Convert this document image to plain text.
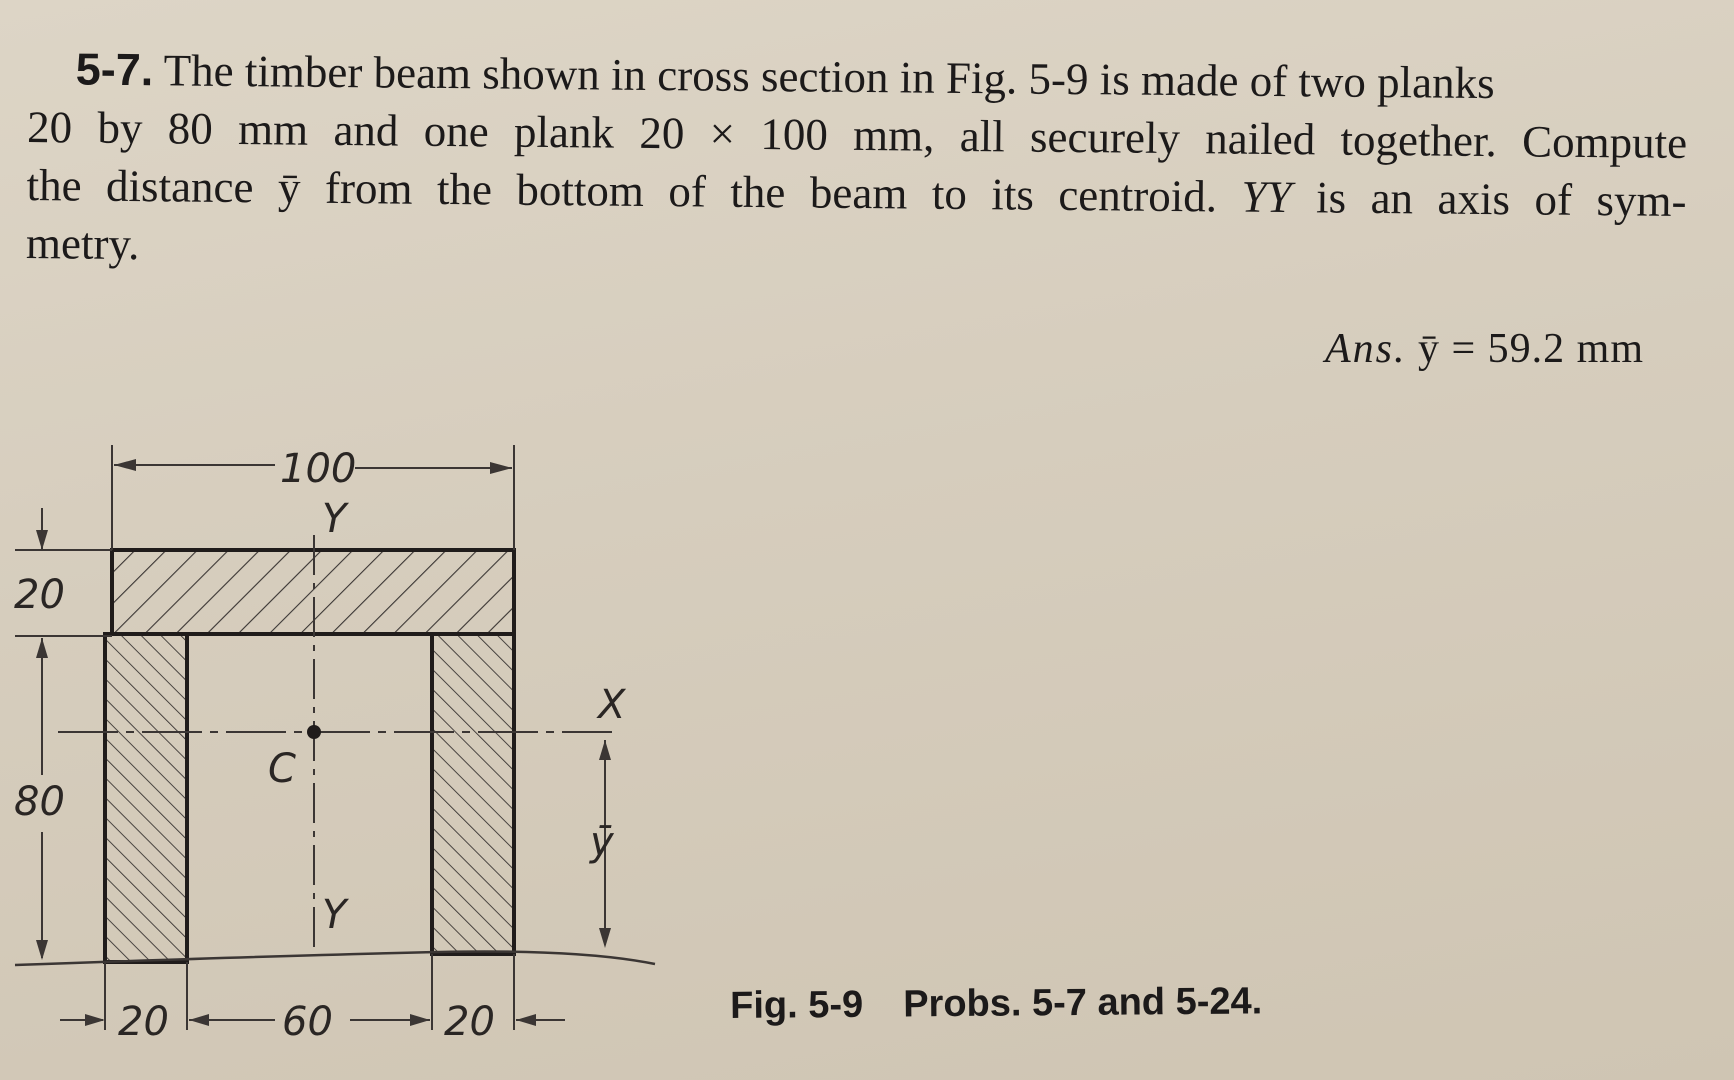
5-7. The timber beam shown in cross section in Fig. 5-9 is made of two planks
20 by 80 mm and one plank 20 × 100 mm, all securely nailed together. Compute
the distance ȳ from the bottom of the beam to its centroid. YY is an axis of sym-
metry.
Ans. ȳ = 59.2 mm
100
Y
Y
C
X
ȳ
20
80
20	60	20	Fig. 5-9 Probs. 5-7 and 5-24.
